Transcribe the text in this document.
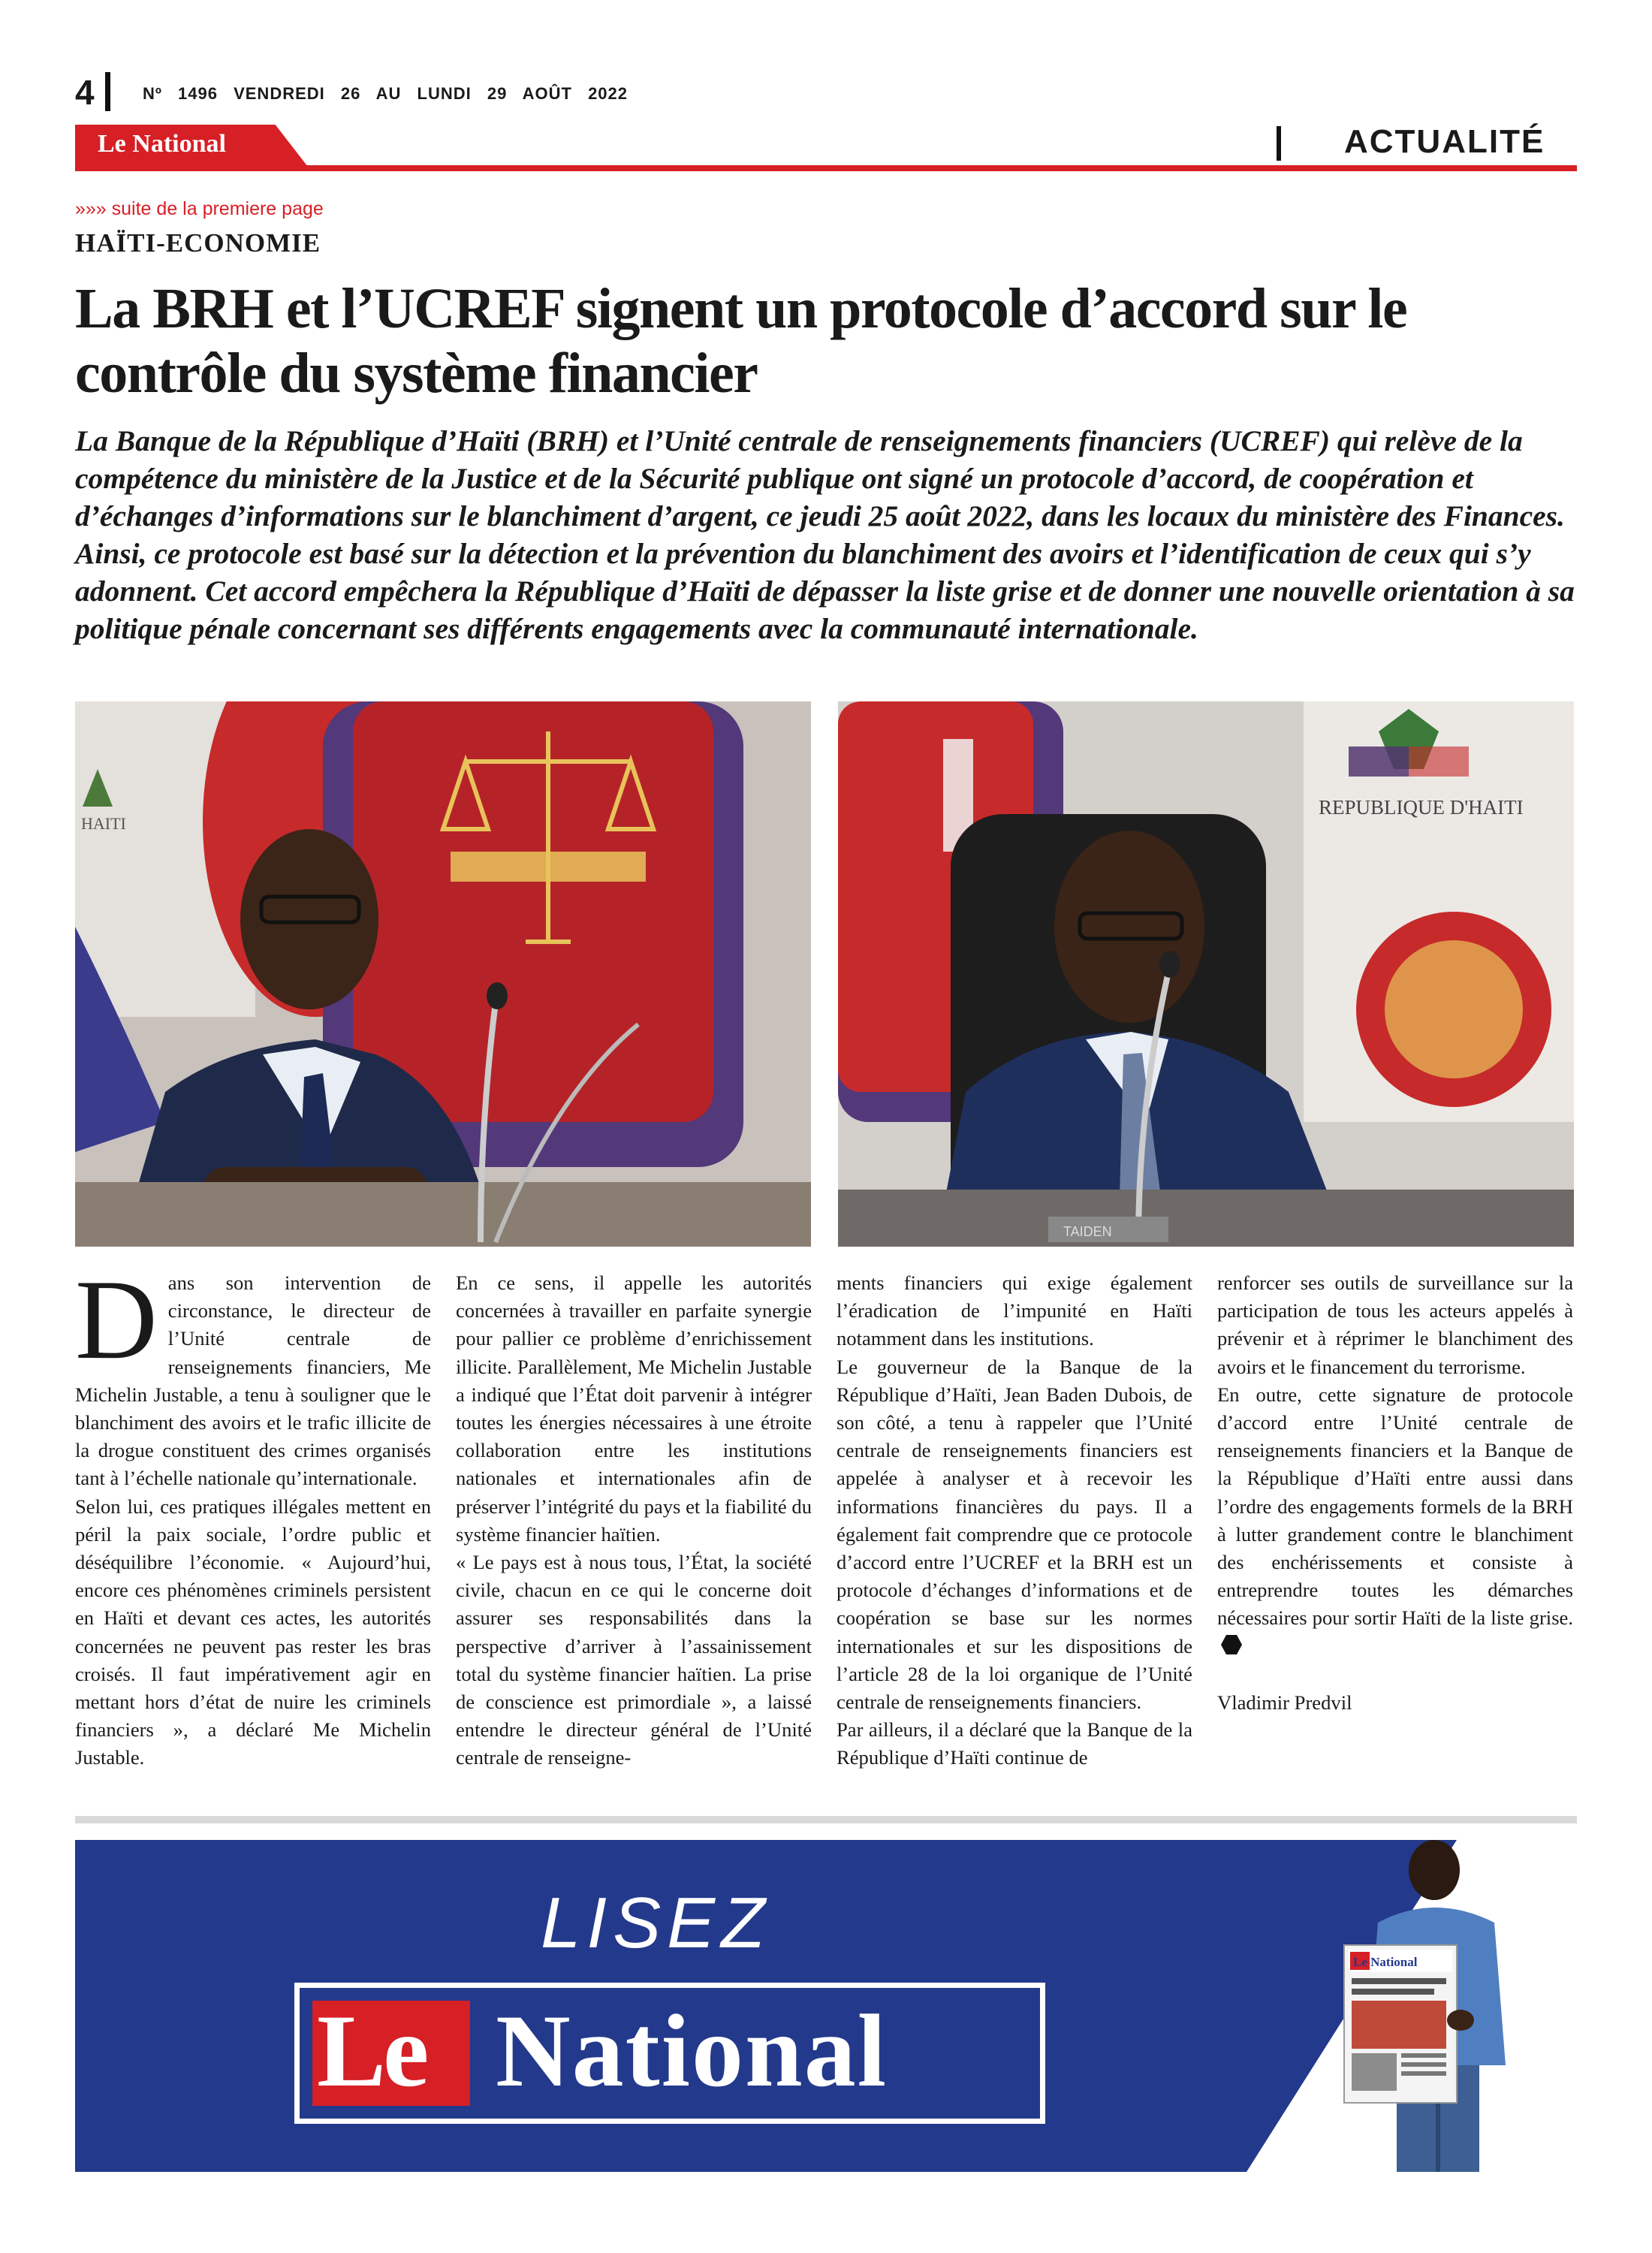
4	Nº 1496 VENDREDI 26 AU LUNDI 29 AOÛT 2022
ACTUALITÉ
Le National
»»» suite de la premiere page
HAÏTI-ECONOMIE
La BRH et l’UCREF signent un protocole d’accord sur le contrôle du système financier

La Banque de la République d’Haïti (BRH) et l’Unité centrale de renseignements financiers (UCREF) qui relève de la compétence du ministère de la Justice et de la Sécurité publique ont signé un protocole d’accord, de coopération et d’échanges d’informations sur le blanchiment d’argent, ce jeudi 25 août 2022, dans les locaux du ministère des Finances. Ainsi, ce protocole est basé sur la détection et la prévention du blanchiment des avoirs et l’identification de ceux qui s’y adonnent. Cet accord empêchera la République d’Haïti de dépasser la liste grise et de donner une nouvelle orientation à sa politique pénale concernant ses différents engagements avec la communauté internationale.

HAITI
REPUBLIQUE D'HAITI
TAIDEN

Dans son intervention de circonstance, le directeur de l’Unité centrale de renseignements financiers, Me Michelin Justable, a tenu à souligner que le blanchiment des avoirs et le trafic illicite de la drogue constituent des crimes organisés tant à l’échelle nationale qu’internationale.

Selon lui, ces pratiques illégales mettent en péril la paix sociale, l’ordre public et déséquilibre l’économie. « Aujourd’hui, encore ces phénomènes criminels persistent en Haïti et devant ces actes, les autorités concernées ne peuvent pas rester les bras croisés. Il faut impérativement agir en mettant hors d’état de nuire les criminels financiers », a déclaré Me Michelin Justable.

En ce sens, il appelle les autorités concernées à travailler en parfaite synergie pour pallier ce problème d’enrichissement illicite. Parallèlement, Me Michelin Justable a indiqué que l’État doit parvenir à intégrer toutes les énergies nécessaires à une étroite collaboration entre les institutions nationales et internationales afin de préserver l’intégrité du pays et la fiabilité du système financier haïtien.

« Le pays est à nous tous, l’État, la société civile, chacun en ce qui le concerne doit assurer ses responsabilités dans la perspective d’arriver à l’assainissement total du système financier haïtien. La prise de conscience est primordiale », a laissé entendre le directeur général de l’Unité centrale de renseigne-

ments financiers qui exige également l’éradication de l’impunité en Haïti notamment dans les institutions.

Le gouverneur de la Banque de la République d’Haïti, Jean Baden Dubois, de son côté, a tenu à rappeler que l’Unité centrale de renseignements financiers est appelée à analyser et à recevoir les informations financières du pays. Il a également fait comprendre que ce protocole d’accord entre l’UCREF et la BRH est un protocole d’échanges d’informations et de coopération se base sur les normes internationales et sur les dispositions de l’article 28 de la loi organique de l’Unité centrale de renseignements financiers.

Par ailleurs, il a déclaré que la Banque de la République d’Haïti continue de

renforcer ses outils de surveillance sur la participation de tous les acteurs appelés à prévenir et à réprimer le blanchiment des avoirs et le financement du terrorisme.

En outre, cette signature de protocole d’accord entre l’Unité centrale de renseignements financiers et la Banque de la République d’Haïti entre aussi dans l’ordre des engagements formels de la BRH à lutter grandement contre le blanchiment des enchérissements et consiste à entreprendre toutes les démarches nécessaires pour sortir Haïti de la liste grise.

Vladimir Predvil

LISEZ
Le National
Le National
